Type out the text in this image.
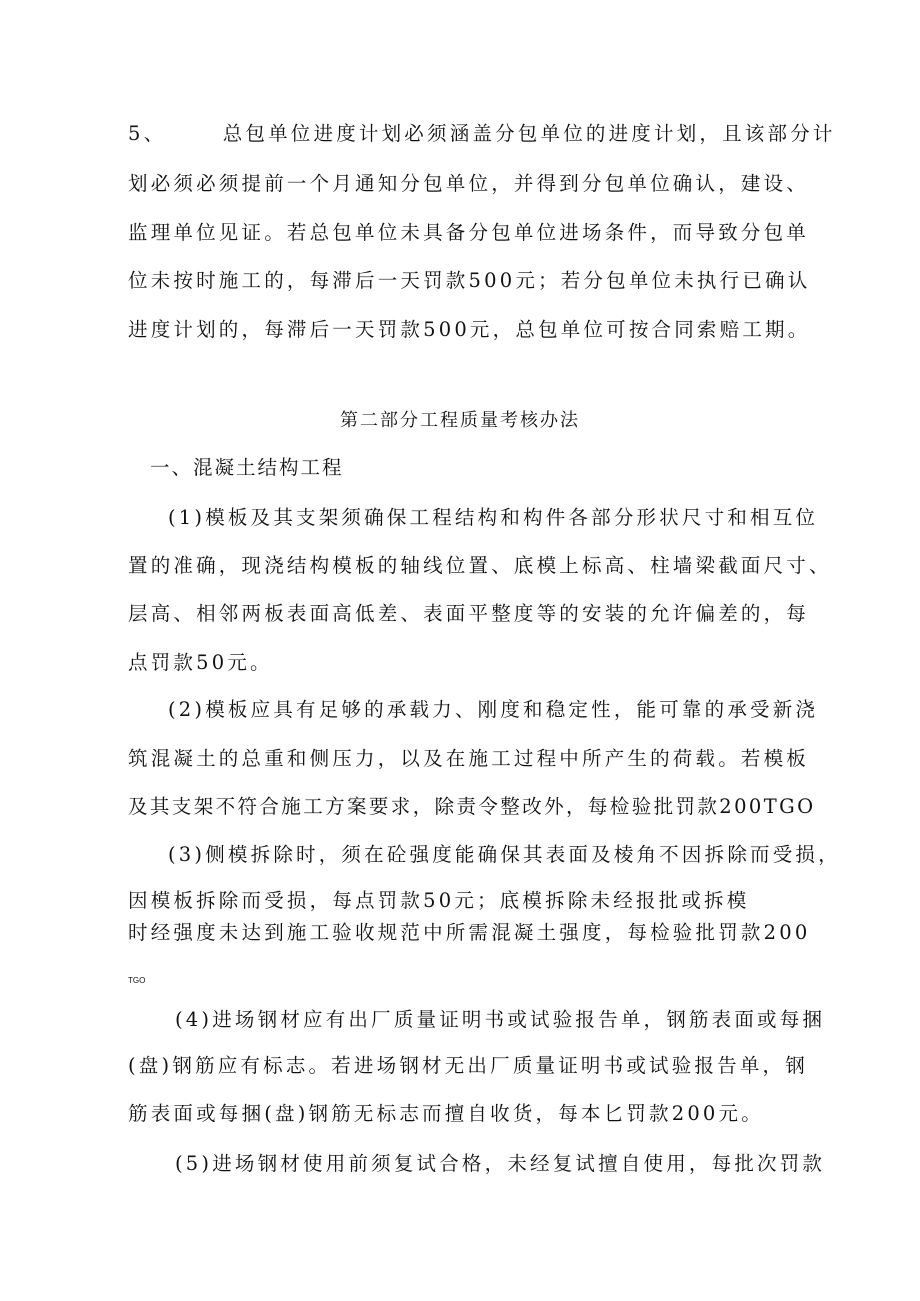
5、      总包单位进度计划必须涵盖分包单位的进度计划，且该部分计
划必须必须提前一个月通知分包单位，并得到分包单位确认，建设、
监理单位见证。若总包单位未具备分包单位进场条件，而导致分包单
位未按时施工的，每滞后一天罚款500元；若分包单位未执行已确认
进度计划的，每滞后一天罚款500元，总包单位可按合同索赔工期。
第二部分工程质量考核办法
一、混凝土结构工程
(1)模板及其支架须确保工程结构和构件各部分形状尺寸和相互位
置的准确，现浇结构模板的轴线位置、底模上标高、柱墙梁截面尺寸、
层高、相邻两板表面高低差、表面平整度等的安装的允许偏差的，每
点罚款50元。
(2)模板应具有足够的承载力、刚度和稳定性，能可靠的承受新浇
筑混凝土的总重和侧压力，以及在施工过程中所产生的荷载。若模板
及其支架不符合施工方案要求，除责令整改外，每检验批罚款200TGO
(3)侧模拆除时，须在砼强度能确保其表面及棱角不因拆除而受损，
因模板拆除而受损，每点罚款50元；底模拆除未经报批或拆模
时经强度未达到施工验收规范中所需混凝土强度，每检验批罚款200
TGO
(4)进场钢材应有出厂质量证明书或试验报告单，钢筋表面或每捆
(盘)钢筋应有标志。若进场钢材无出厂质量证明书或试验报告单，钢
筋表面或每捆(盘)钢筋无标志而擅自收货，每本匕罚款200元。
(5)进场钢材使用前须复试合格，未经复试擅自使用，每批次罚款
